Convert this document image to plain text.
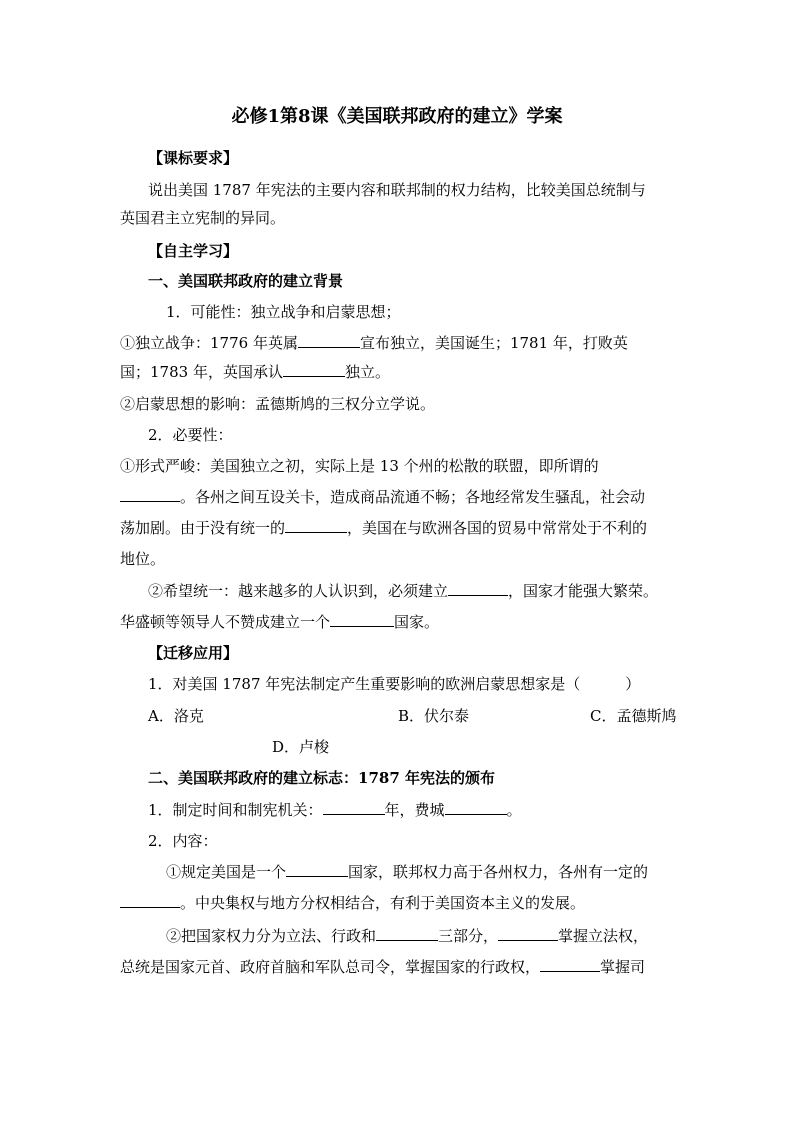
必修1第8课《美国联邦政府的建立》学案
【课标要求】
说出美国 1787 年宪法的主要内容和联邦制的权力结构，比较美国总统制与
英国君主立宪制的异同。
【自主学习】
一、美国联邦政府的建立背景
1．可能性：独立战争和启蒙思想；
①独立战争：1776 年英属	宣布独立，美国诞生；1781 年，打败英
国；1783 年，英国承认	独立。
②启蒙思想的影响：孟德斯鸠的三权分立学说。
2．必要性：
①形式严峻：美国独立之初，实际上是 13 个州的松散的联盟，即所谓的
。各州之间互设关卡，造成商品流通不畅；各地经常发生骚乱，社会动
荡加剧。由于没有统一的	，美国在与欧洲各国的贸易中常常处于不利的
地位。
②希望统一：越来越多的人认识到，必须建立	，国家才能强大繁荣。
华盛顿等领导人不赞成建立一个	国家。
【迁移应用】
1．对美国 1787 年宪法制定产生重要影响的欧洲启蒙思想家是（　　　）
A．洛克	B．伏尔泰	C．孟德斯鸠
D．卢梭
二、美国联邦政府的建立标志：1787 年宪法的颁布
1．制定时间和制宪机关：	年，费城	。
2．内容：
①规定美国是一个	国家，联邦权力高于各州权力，各州有一定的
。中央集权与地方分权相结合，有利于美国资本主义的发展。
②把国家权力分为立法、行政和	三部分，	掌握立法权，
总统是国家元首、政府首脑和军队总司令，掌握国家的行政权，	掌握司
